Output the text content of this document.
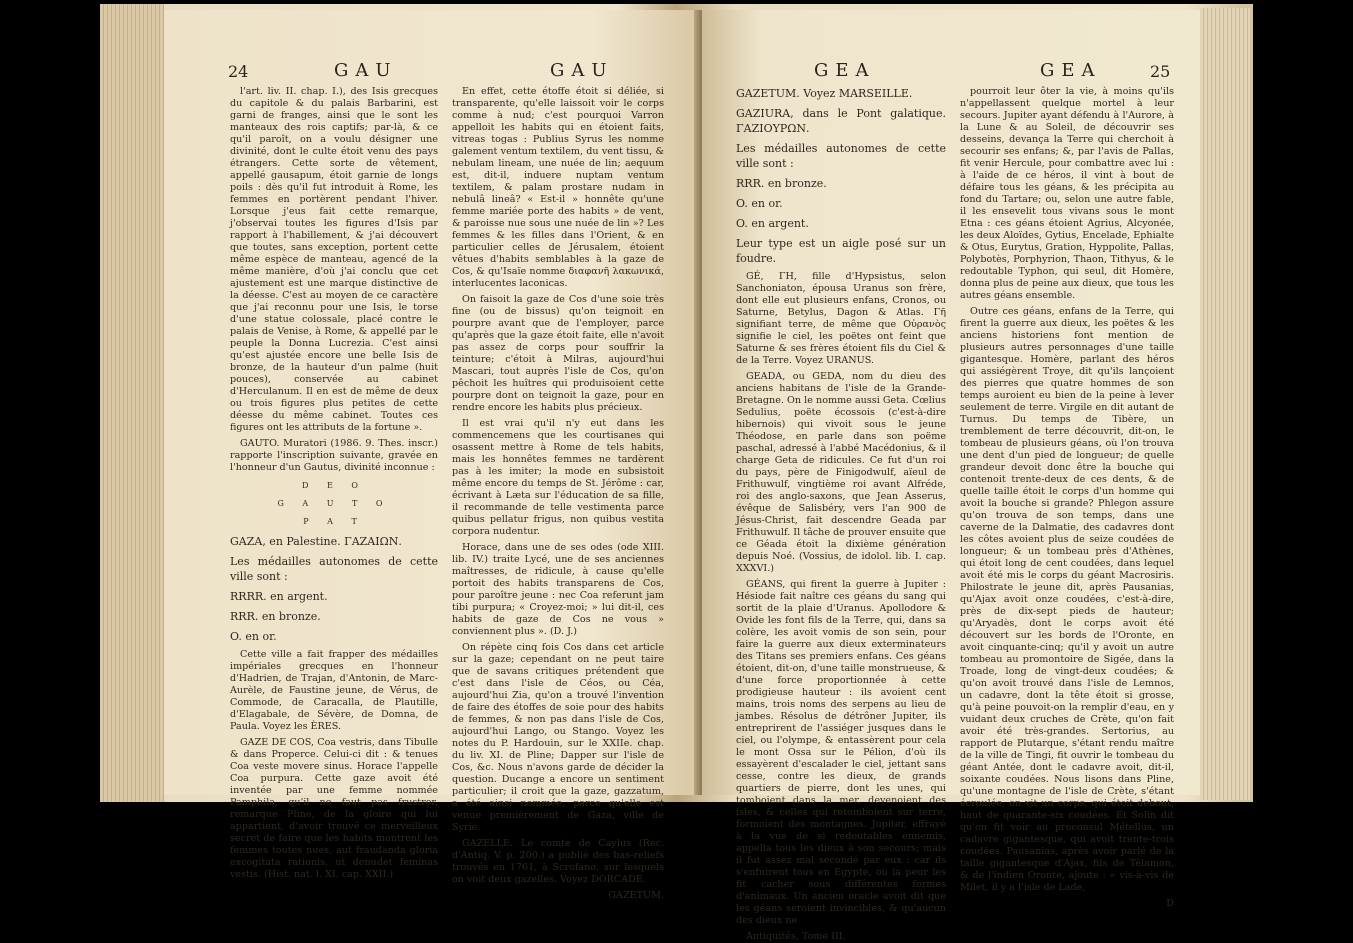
24	GAU	GAU

l'art. liv. II. chap. I.), des Isis grecques du capitole & du palais Barbarini, est garni de franges, ainsi que le sont les manteaux des rois captifs; par-là, & ce qu'il paroît, on a voulu désigner une divinité, dont le culte étoit venu des pays étrangers. Cette sorte de vêtement, appellé gausapum, étoit garnie de longs poils : dès qu'il fut introduit à Rome, les femmes en portèrent pendant l'hiver. Lorsque j'eus fait cette remarque, j'observai toutes les figures d'Isis par rapport à l'habillement, & j'ai découvert que toutes, sans exception, portent cette même espèce de manteau, agencé de la même manière, d'où j'ai conclu que cet ajustement est une marque distinctive de la déesse. C'est au moyen de ce caractère que j'ai reconnu pour une Isis, le torse d'une statue colossale, placé contre le palais de Venise, à Rome, & appellé par le peuple la Donna Lucrezia. C'est ainsi qu'est ajustée encore une belle Isis de bronze, de la hauteur d'un palme (huit pouces), conservée au cabinet d'Herculanum. Il en est de même de deux ou trois figures plus petites de cette déesse du même cabinet. Toutes ces figures ont les attributs de la fortune ».

GAUTO. Muratori (1986. 9. Thes. inscr.) rapporte l'inscription suivante, gravée en l'honneur d'un Gautus, divinité inconnue :

D E O

G A U T O

P A T

GAZA, en Palestine. ΓΑΖΑΙΩΝ.

Les médailles autonomes de cette ville sont :

RRRR. en argent.

RRR. en bronze.

O. en or.

Cette ville a fait frapper des médailles impériales grecques en l'honneur d'Hadrien, de Trajan, d'Antonin, de Marc-Aurèle, de Faustine jeune, de Vérus, de Commode, de Caracalla, de Plautille, d'Elagabale, de Sévère, de Domna, de Paula. Voyez les ÈRES.

GAZE DE COS, Coa vestris, dans Tibulle & dans Properce. Celui-ci dit : & tenues Coa veste movere sinus. Horace l'appelle Coa purpura. Cette gaze avoit été inventée par une femme nommée Pamphila, qu'il ne faut pas frustrer, remarque Pline, de la gloire qui lui appartient, d'avoir trouvé ce merveilleux secret de faire que les habits montrent les femmes toutes nues, aut fraudanda gloria excogitata rationis, ut denudet feminas vestis. (Hist. nat. l. XI. cap. XXII.)

En effet, cette étoffe étoit si déliée, si transparente, qu'elle laissoit voir le corps comme à nud; c'est pourquoi Varron appelloit les habits qui en étoient faits, vitreas togas : Publius Syrus les nomme galement ventum textilem, du vent tissu, & nebulam lineam, une nuée de lin; aequum est, dit-il, induere nuptam ventum textilem, & palam prostare nudam in nebulâ lineâ? « Est-il » honnête qu'une femme mariée porte des habits » de vent, & paroisse nue sous une nuée de lin »? Les femmes & les filles dans l'Orient, & en particulier celles de Jérusalem, étoient vêtues d'habits semblables à la gaze de Cos, & qu'Isaïe nomme διαφανῆ λακωνικά, interlucentes laconicas.

On faisoit la gaze de Cos d'une soie très fine (ou de bissus) qu'on teignoit en pourpre avant que de l'employer, parce qu'après que la gaze étoit faite, elle n'avoit pas assez de corps pour souffrir la teinture; c'étoit à Milras, aujourd'hui Mascari, tout auprès l'isle de Cos, qu'on pêchoit les huîtres qui produisoient cette pourpre dont on teignoit la gaze, pour en rendre encore les habits plus précieux.

Il est vrai qu'il n'y eut dans les commencemens que les courtisanes qui osassent mettre à Rome de tels habits, mais les honnêtes femmes ne tardèrent pas à les imiter; la mode en subsistoit même encore du temps de St. Jérôme : car, écrivant à Læta sur l'éducation de sa fille, il recommande de telle vestimenta parce quibus pellatur frigus, non quibus vestita corpora nudentur.

Horace, dans une de ses odes (ode XIII. lib. IV.) traite Lycé, une de ses anciennes maîtresses, de ridicule, à cause qu'elle portoit des habits transparens de Cos, pour paroître jeune : nec Coa referunt jam tibi purpura; « Croyez-moi; » lui dit-il, ces habits de gaze de Cos ne vous » conviennent plus ». (D. J.)

On répète cinq fois Cos dans cet article sur la gaze; cependant on ne peut taire que de savans critiques prétendent que c'est dans l'isle de Céos, ou Céa, aujourd'hui Zia, qu'on a trouvé l'invention de faire des étoffes de soie pour des habits de femmes, & non pas dans l'isle de Cos, aujourd'hui Lango, ou Stango. Voyez les notes du P. Hardouin, sur le XXIIe. chap. du liv. XI. de Pline; Dapper sur l'isle de Cos, &c. Nous n'avons garde de décider la question. Ducange a encore un sentiment particulier; il croit que la gaze, gazzatum, a été ainsi nommée, parce qu'elle est venue premièrement de Gaza, ville de Syrie.

GAZELLE. Le comte de Caylus (Rec. d'Antiq. V. p. 200.) a publié des bas-reliefs trouvés en 1761, à Scrofano, sur lesquels on voit deux gazelles. Voyez DORCADE.

GAZETUM.

GEA	GEA	25

GAZETUM. Voyez MARSEILLE.

GAZIURA, dans le Pont galatique. ΓΑΖΙΟΥΡΩΝ.

Les médailles autonomes de cette ville sont :

RRR. en bronze.

O. en or.

O. en argent.

Leur type est un aigle posé sur un foudre.

GÉ, ΓΗ, fille d'Hypsistus, selon Sanchoniaton, épousa Uranus son frère, dont elle eut plusieurs enfans, Cronos, ou Saturne, Betylus, Dagon & Atlas. Γῆ signifiant terre, de même que Οὐρανὸς signifie le ciel, les poëtes ont feint que Saturne & ses frères étoient fils du Ciel & de la Terre. Voyez URANUS.

GEADA, ou GEDA, nom du dieu des anciens habitans de l'isle de la Grande-Bretagne. On le nomme aussi Geta. Cœlius Sedulius, poëte écossois (c'est-à-dire hibernois) qui vivoit sous le jeune Théodose, en parle dans son poëme paschal, adressé à l'abbé Macédonius, & il charge Geta de ridicules. Ce fut d'un roi du pays, père de Finigodwulf, aïeul de Frithuwulf, vingtième roi avant Alfréde, roi des anglo-saxons, que Jean Asserus, évêque de Salisbéry, vers l'an 900 de Jésus-Christ, fait descendre Geada par Frithuwulf. Il tâche de prouver ensuite que ce Géada étoit la dixième génération depuis Noé. (Vossius, de idolol. lib. I. cap. XXXVI.)

GÉANS, qui firent la guerre à Jupiter : Hésiode fait naître ces géans du sang qui sortit de la plaie d'Uranus. Apollodore & Ovide les font fils de la Terre, qui, dans sa colère, les avoit vomis de son sein, pour faire la guerre aux dieux exterminateurs des Titans ses premiers enfans. Ces géans étoient, dit-on, d'une taille monstrueuse, & d'une force proportionnée à cette prodigieuse hauteur : ils avoient cent mains, trois noms des serpens au lieu de jambes. Résolus de détrôner Jupiter, ils entreprirent de l'assiéger jusques dans le ciel, ou l'olympe, & entassèrent pour cela le mont Ossa sur le Pélion, d'où ils essayèrent d'escalader le ciel, jettant sans cesse, contre les dieux, de grands quartiers de pierre, dont les unes, qui tomboient dans la mer, devenoient des isles, & celles qui retomboient sur terre, formoient des montagnes. Jupiter, effrayé à la vue de si redoutables ennemis, appella tous les dieux à son secours; mais il fut assez mal secondé par eux : car ils s'enfuirent tous en Egypte, où la peur les fit cacher sous différentes formes d'animaux. Un ancien oracle avoit dit que les géans seroient invincibles, & qu'aucun des dieux ne

Antiquités, Tome III.

pourroit leur ôter la vie, à moins qu'ils n'appellassent quelque mortel à leur secours. Jupiter ayant défendu à l'Aurore, à la Lune & au Soleil, de découvrir ses desseins, devança la Terre qui cherchoit à secourir ses enfans; &, par l'avis de Pallas, fit venir Hercule, pour combattre avec lui : à l'aide de ce héros, il vint à bout de défaire tous les géans, & les précipita au fond du Tartare; ou, selon une autre fable, il les ensevelit tous vivans sous le mont Etna : ces géans étoient Agrius, Alcyonée, les deux Aloïdes, Gytius, Encelade, Ephialte & Otus, Eurytus, Gration, Hyppolite, Pallas, Polybotès, Porphyrion, Thaon, Tithyus, & le redoutable Typhon, qui seul, dit Homère, donna plus de peine aux dieux, que tous les autres géans ensemble.

Outre ces géans, enfans de la Terre, qui firent la guerre aux dieux, les poëtes & les anciens historiens font mention de plusieurs autres personnages d'une taille gigantesque. Homère, parlant des héros qui assiégèrent Troye, dit qu'ils lançoient des pierres que quatre hommes de son temps auroient eu bien de la peine à lever seulement de terre. Virgile en dit autant de Turnus. Du temps de Tibère, un tremblement de terre découvrit, dit-on, le tombeau de plusieurs géans, où l'on trouva une dent d'un pied de longueur; de quelle grandeur devoit donc être la bouche qui contenoit trente-deux de ces dents, & de quelle taille étoit le corps d'un homme qui avoit la bouche si grande? Phlegon assure qu'on trouva de son temps, dans une caverne de la Dalmatie, des cadavres dont les côtes avoient plus de seize coudées de longueur; & un tombeau près d'Athènes, qui étoit long de cent coudées, dans lequel avoit été mis le corps du géant Macrosiris. Philostrate le jeune dit, après Pausanias, qu'Ajax avoit onze coudées, c'est-à-dire, près de dix-sept pieds de hauteur; qu'Aryadès, dont le corps avoit été découvert sur les bords de l'Oronte, en avoit cinquante-cinq; qu'il y avoit un autre tombeau au promontoire de Sigée, dans la Troade, long de vingt-deux coudées; & qu'on avoit trouvé dans l'isle de Lemnos, un cadavre, dont la tête étoit si grosse, qu'à peine pouvoit-on la remplir d'eau, en y vuidant deux cruches de Crète, qu'on fait avoir été très-grandes. Sertorius, au rapport de Plutarque, s'étant rendu maître de la ville de Tingi, fit ouvrir le tombeau du géant Antée, dont le cadavre avoit, dit-il, soixante coudées. Nous lisons dans Pline, qu'une montagne de l'isle de Crète, s'étant écroulée, on vit un corps, qui étoit debout, haut de quarante-six coudées. Et Solin dit qu'on fit voir au proconsul Métellus, un cadavre gigantesque, qui avoit trente-trois coudées. Pausanias, après avoir parlé de la taille gigantesque d'Ajax, fils de Télamon, & de l'indien Oronte, ajoute : « vis-à-vis de Milet, il y a l'isle de Lade,

D
